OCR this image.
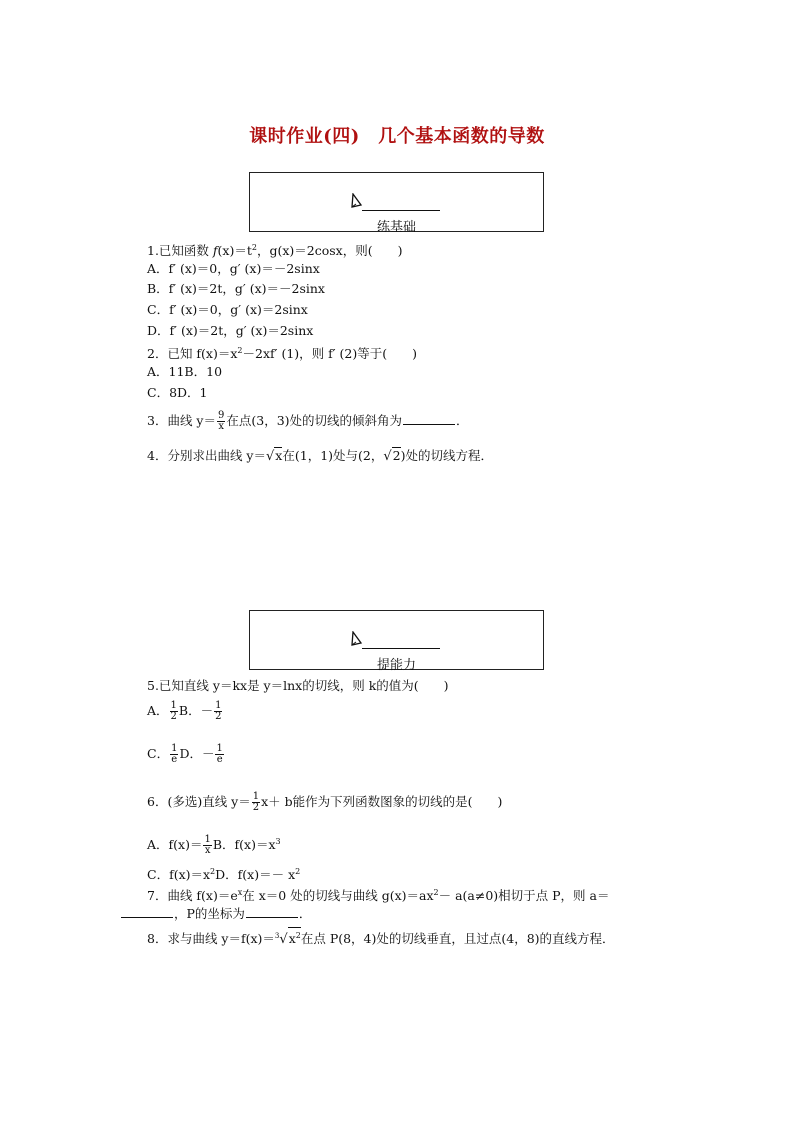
课时作业(四)　几个基本函数的导数
练基础
1.已知函数 $f(x)=t^2$，g(x)＝2cosx，则(　　)
A．f′ (x)＝0，g′ (x)＝－2sinx
B．f′ (x)＝2t，g′ (x)＝－2sinx
C．f′ (x)＝0，g′ (x)＝2sinx
D．f′ (x)＝2t，g′ (x)＝2sinx
2．已知 $f(x)=x^2-2xf'$ (1)，则 f′ (2)等于(　　)
A．11B．10
C．8D．1
3．曲线 $y= \frac{9}{x}$ 在点(3，3)处的切线的倾斜角为	．
4．分别求出曲线 y＝√x在(1，1)处与(2，√2)处的切线方程．
提能力
5.已知直线 y＝kx是 y＝lnx的切线，则 k的值为(　　)
A． $\frac{1}{2}$ B．－ $\frac{1}{2}$
C． $\frac{1}{e}$ D．－ $\frac{1}{e}$
6．(多选)直线 $y= \frac{1}{2} x+ b$能作为下列函数图象的切线的是(　　)
A．$f(x)= \frac{1}{x}$ B．$f(x)=x^3$
C．$f(x)=x^2D$．$f(x)=- x^2$
7．曲线 $f(x)=e^x$在 x＝0 处的切线与曲线 $g(x)=ax^2- a(a\ne 0)$相切于点 P，则 a＝
，P的坐标为	．
8．求与曲线 $y=f(x)=^3√x^2$在点 P(8，4)处的切线垂直，且过点(4，8)的直线方程．
